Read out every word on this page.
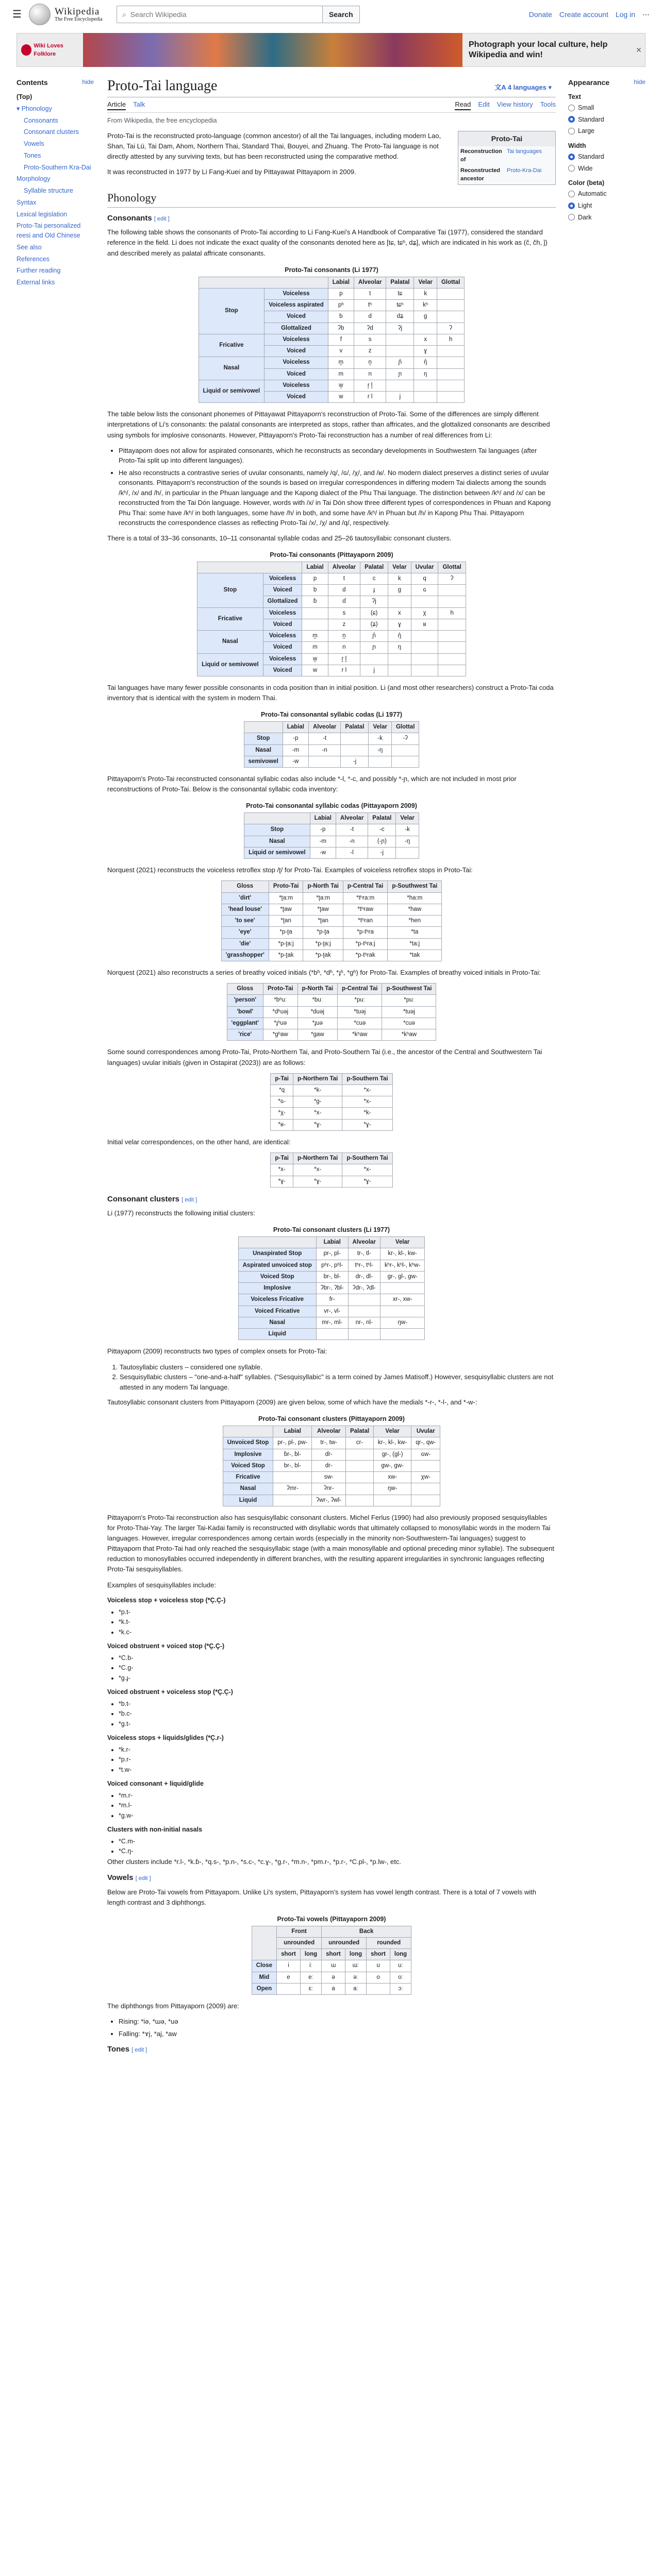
☰	Wikipedia
The Free Encyclopedia
⌕ Search Wikipedia	Search	Donate Create account Log in ⋯
Wiki Loves Folklore
Photograph your local culture, help Wikipedia and win!	×
Contents	hide
(Top)
▾ Phonology
Consonants
Consonant clusters
Vowels
Tones
Proto-Southern Kra-Dai
Morphology
Syllable structure
Syntax
Lexical legislation
Proto-Tai personalized reesi and Old Chinese
See also
References
Further reading
External links
Appearance	hide
Text
Small
Standard
Large
Width
Standard
Wide
Color (beta)
Automatic
Light
Dark
Proto-Tai language	文A 4 languages ▾
Article Talk	Read Edit View history Tools
From Wikipedia, the free encyclopedia
Proto-Tai
Reconstruction of
Tai languages
Reconstructed ancestor
Proto-Kra-Dai

Proto-Tai is the reconstructed proto-language (common ancestor) of all the Tai languages, including modern Lao, Shan, Tai Lü, Tai Dam, Ahom, Northern Thai, Standard Thai, Bouyei, and Zhuang. The Proto-Tai language is not directly attested by any surviving texts, but has been reconstructed using the comparative method.

It was reconstructed in 1977 by Li Fang-Kuei and by Pittayawat Pittayaporn in 2009.

Phonology
Consonants [ edit ]

The following table shows the consonants of Proto-Tai according to Li Fang-Kuei's A Handbook of Comparative Tai (1977), considered the standard reference in the field. Li does not indicate the exact quality of the consonants denoted here as [tɕ, tɕʰ, dʑ], which are indicated in his work as (č, čh, ǰ) and described merely as palatal affricate consonants.

Proto-Tai consonants (Li 1977)
		Labial	Alveolar	Palatal	Velar	Glottal
Stop	Voiceless	p	t	tɕ	k	
	Voiceless aspirated	pʰ	tʰ	tɕʰ	kʰ	
	Voiced	b	d	dʑ	g	
	Glottalized	ʔb	ʔd	ʔj		ʔ
Fricative	Voiceless	f	s		x	h
	Voiced	v	z		ɣ	
Nasal	Voiceless	m̥	n̥	ɲ̊	ŋ̊	
	Voiced	m	n	ɲ	ŋ	
Liquid or semivowel	Voiceless	w̥	r̥ l̥			
	Voiced	w	r l	j		

The table below lists the consonant phonemes of Pittayawat Pittayaporn's reconstruction of Proto-Tai. Some of the differences are simply different interpretations of Li's consonants: the palatal consonants are interpreted as stops, rather than affricates, and the glottalized consonants are described using symbols for implosive consonants. However, Pittayaporn's Proto-Tai reconstruction has a number of real differences from Li:

• Pittayaporn does not allow for aspirated consonants, which he reconstructs as secondary developments in Southwestern Tai languages (after Proto-Tai split up into different languages).
• He also reconstructs a contrastive series of uvular consonants, namely /q/, /ɢ/, /χ/, and /ʁ/. No modern dialect preserves a distinct series of uvular consonants. Pittayaporn's reconstruction of the sounds is based on irregular correspondences in differing modern Tai dialects among the sounds /kʰ/, /x/ and /h/, in particular in the Phuan language and the Kapong dialect of the Phu Thai language. The distinction between /kʰ/ and /x/ can be reconstructed from the Tai Dón language. However, words with /x/ in Tai Dón show three different types of correspondences in Phuan and Kapong Phu Thai: some have /kʰ/ in both languages, some have /h/ in both, and some have /kʰ/ in Phuan but /h/ in Kapong Phu Thai. Pittayaporn reconstructs the correspondence classes as reflecting Proto-Tai /x/, /χ/ and /q/, respectively.

There is a total of 33–36 consonants, 10–11 consonantal syllable codas and 25–26 tautosyllabic consonant clusters.

Proto-Tai consonants (Pittayaporn 2009)
		Labial	Alveolar	Palatal	Velar	Uvular	Glottal
Stop	Voiceless	p	t	c	k	q	ʔ
	Voiced	b	d	ɟ	g	ɢ	
	Glottalized	ɓ	ɗ	ʔj			
Fricative	Voiceless		s	(ɕ)	x	χ	h
	Voiced		z	(ʑ)	ɣ	ʁ	
Nasal	Voiceless	m̥	n̥	ɲ̊	ŋ̊		
	Voiced	m	n	ɲ	ŋ		
Liquid or semivowel	Voiceless	w̥	r̥ l̥				
	Voiced	w	r l	j			

Tai languages have many fewer possible consonants in coda position than in initial position. Li (and most other researchers) construct a Proto-Tai coda inventory that is identical with the system in modern Thai.

Proto-Tai consonantal syllabic codas (Li 1977)
	Labial	Alveolar	Palatal	Velar	Glottal
Stop	-p	-t		-k	-ʔ
Nasal	-m	-n		-ŋ	
semivowel	-w		-j		

Pittayaporn's Proto-Tai reconstructed consonantal syllabic codas also include *-l, *-c, and possibly *-ɲ, which are not included in most prior reconstructions of Proto-Tai. Below is the consonantal syllabic coda inventory:

Proto-Tai consonantal syllabic codas (Pittayaporn 2009)
	Labial	Alveolar	Palatal	Velar
Stop	-p	-t	-c	-k
Nasal	-m	-n	(-ɲ)	-ŋ
Liquid or semivowel	-w	-l	-j	

Norquest (2021) reconstructs the voiceless retroflex stop /ʈ/ for Proto-Tai. Examples of voiceless retroflex stops in Proto-Tai:

Gloss	Proto-Tai	p-North Tai	p-Central Tai	p-Southwest Tai
'dirt'	*ʈa:m	*ʈa:m	*tʰra:m	*ha:m
'head louse'	*ʈaw	*ʈaw	*tʰraw	*haw
'to see'	*ʈan	*ʈan	*tʰran	*hen
'eye'	*p-ʈa	*p-ʈa	*p-tʰra	*ta
'die'	*p-ʈa:j	*p-ʈa:j	*p-tʰra:j	*ta:j
'grasshopper'	*p-ʈak	*p-ʈak	*p-tʰrak	*tak

Norquest (2021) also reconstructs a series of breathy voiced initials (*bʱ, *dʱ, *ɟʱ, *ɡʱ) for Proto-Tai. Examples of breathy voiced initials in Proto-Tai:

Gloss	Proto-Tai	p-North Tai	p-Central Tai	p-Southwest Tai
'person'	*bʱuː	*buː	*puː	*puː
'bowl'	*dʱuəj	*duəj	*tuəj	*tuəj
'eggplant'	*ɟʱuə	*ɟuə	*cuə	*cuə
'rice'	*ɡʱaw	*ɡaw	*kʰaw	*kʰaw

Some sound correspondences among Proto-Tai, Proto-Northern Tai, and Proto-Southern Tai (i.e., the ancestor of the Central and Southwestern Tai languages) uvular initials (given in Ostapirat (2023)) are as follows:

p-Tai	p-Northern Tai	p-Southern Tai
*q	*k-	*x-
*ɢ-	*g-	*x-
*χ-	*x-	*k-
*ʁ-	*ɣ-	*ɣ-

Initial velar correspondences, on the other hand, are identical:

p-Tai	p-Northern Tai	p-Southern Tai
*x-	*x-	*x-
*ɣ-	*ɣ-	*ɣ-
Consonant clusters [ edit ]

Li (1977) reconstructs the following initial clusters:

Proto-Tai consonant clusters (Li 1977)
	Labial	Alveolar	Velar
Unaspirated Stop	pr-, pl-	tr-, tl-	kr-, kl-, kw-
Aspirated unvoiced stop	pʰr-, pʰl-	tʰr-, tʰl-	kʰr-, kʰl-, kʰw-
Voiced Stop	br-, bl-	dr-, dl-	gr-, gl-, gw-
Implosive	ʔbr-, ʔbl-	ʔdr-, ʔdl-	
Voiceless Fricative	fr-		xr-, xw-
Voiced Fricative	vr-, vl-		
Nasal	mr-, ml-	nr-, nl-	ŋw-
Liquid			

Pittayaporn (2009) reconstructs two types of complex onsets for Proto-Tai:

1. Tautosyllabic clusters – considered one syllable.
2. Sesquisyllabic clusters – "one-and-a-half" syllables. ("Sesquisyllabic" is a term coined by James Matisoff.) However, sesquisyllabic clusters are not attested in any modern Tai language.

Tautosyllabic consonant clusters from Pittayaporn (2009) are given below, some of which have the medials *-r-, *-l-, and *-w-:

Proto-Tai consonant clusters (Pittayaporn 2009)
	Labial	Alveolar	Palatal	Velar	Uvular
Unvoiced Stop	pr-, pl-, pw-	tr-, tw-	cr-	kr-, kl-, kw-	qr-, qw-
Implosive	ɓr-, ɓl-	ɗr-		gr-, (gl-)	ɢw-
Voiced Stop	br-, bl-	dr-		gw-, gw-	
Fricative		sw-		xw-	χw-
Nasal	ʔmr-	ʔnr-		ŋw-	
Liquid		ʔwr-, ʔwl-			

Pittayaporn's Proto-Tai reconstruction also has sesquisyllabic consonant clusters. Michel Ferlus (1990) had also previously proposed sesquisyllables for Proto-Thai-Yay. The larger Tai-Kadai family is reconstructed with disyllabic words that ultimately collapsed to monosyllabic words in the modern Tai languages. However, irregular correspondences among certain words (especially in the minority non-Southwestern-Tai languages) suggest to Pittayaporn that Proto-Tai had only reached the sesquisyllabic stage (with a main monosyllable and optional preceding minor syllable). The subsequent reduction to monosyllables occurred independently in different branches, with the resulting apparent irregularities in synchronic languages reflecting Proto-Tai sesquisyllables.

Examples of sesquisyllables include:

Voiceless stop + voiceless stop (*C̥.C̥-)
• *p.t-
• *k.t-
• *k.c-
Voiced obstruent + voiced stop (*C̬.C̬-)
• *C.b-
• *C.g-
• *g.ɟ-
Voiced obstruent + voiceless stop (*C̬.C̥-)
• *b.t-
• *b.c-
• *g.t-
Voiceless stops + liquids/glides (*C̥.r-)
• *k.r-
• *p.r-
• *t.w-
Voiced consonant + liquid/glide
• *m.r-
• *m.l-
• *g.w-
Clusters with non-initial nasals
• *C.m-
• *C.ŋ-

Other clusters include *r.l-, *k.ɓ-, *q.s-, *p.n-, *s.c-, *c.ɣ-, *g.r-, *m.n-, *pm.r-, *p.r-, *C.pl-, *p.lw-, etc.

Vowels [ edit ]

Below are Proto-Tai vowels from Pittayaporn. Unlike Li's system, Pittayaporn's system has vowel length contrast. There is a total of 7 vowels with length contrast and 3 diphthongs.

Proto-Tai vowels (Pittayaporn 2009)
	Front		Back			
	unrounded		unrounded		rounded	
	short	long	short	long	short	long
Close	i	iː	ɯ	ɯː	u	uː
Mid	e	eː	ə	əː	o	oː
Open		ɛː	a	aː		ɔː

The diphthongs from Pittayaporn (2009) are:

• Rising: *iə, *ɯə, *uə
• Falling: *ɤj, *aj, *aw
Tones [ edit ]
